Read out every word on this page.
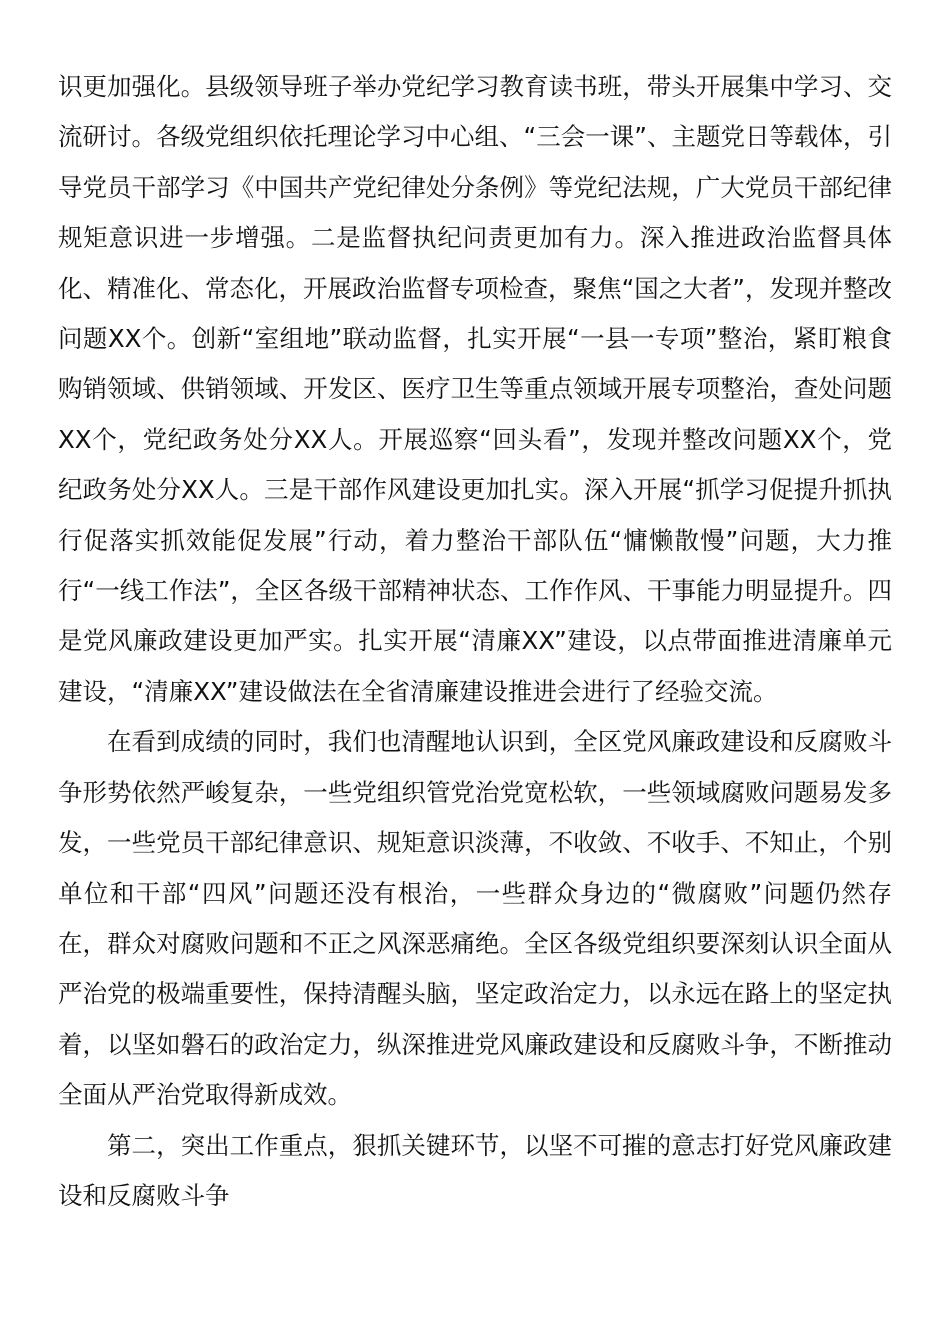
识更加强化。县级领导班子举办党纪学习教育读书班，带头开展集中学习、交流研讨。各级党组织依托理论学习中心组、“三会一课”、主题党日等载体，引导党员干部学习《中国共产党纪律处分条例》等党纪法规，广大党员干部纪律规矩意识进一步增强。二是监督执纪问责更加有力。深入推进政治监督具体化、精准化、常态化，开展政治监督专项检查，聚焦“国之大者”，发现并整改问题XX个。创新“室组地”联动监督，扎实开展“一县一专项”整治，紧盯粮食购销领域、供销领域、开发区、医疗卫生等重点领域开展专项整治，查处问题XX个，党纪政务处分XX人。开展巡察“回头看”，发现并整改问题XX个，党纪政务处分XX人。三是干部作风建设更加扎实。深入开展“抓学习促提升抓执行促落实抓效能促发展”行动，着力整治干部队伍“慵懒散慢”问题，大力推行“一线工作法”，全区各级干部精神状态、工作作风、干事能力明显提升。四是党风廉政建设更加严实。扎实开展“清廉XX”建设，以点带面推进清廉单元建设，“清廉XX”建设做法在全省清廉建设推进会进行了经验交流。

在看到成绩的同时，我们也清醒地认识到，全区党风廉政建设和反腐败斗争形势依然严峻复杂，一些党组织管党治党宽松软，一些领域腐败问题易发多发，一些党员干部纪律意识、规矩意识淡薄，不收敛、不收手、不知止，个别单位和干部“四风”问题还没有根治，一些群众身边的“微腐败”问题仍然存在，群众对腐败问题和不正之风深恶痛绝。全区各级党组织要深刻认识全面从严治党的极端重要性，保持清醒头脑，坚定政治定力，以永远在路上的坚定执着，以坚如磐石的政治定力，纵深推进党风廉政建设和反腐败斗争，不断推动全面从严治党取得新成效。

第二，突出工作重点，狠抓关键环节，以坚不可摧的意志打好党风廉政建设和反腐败斗争
